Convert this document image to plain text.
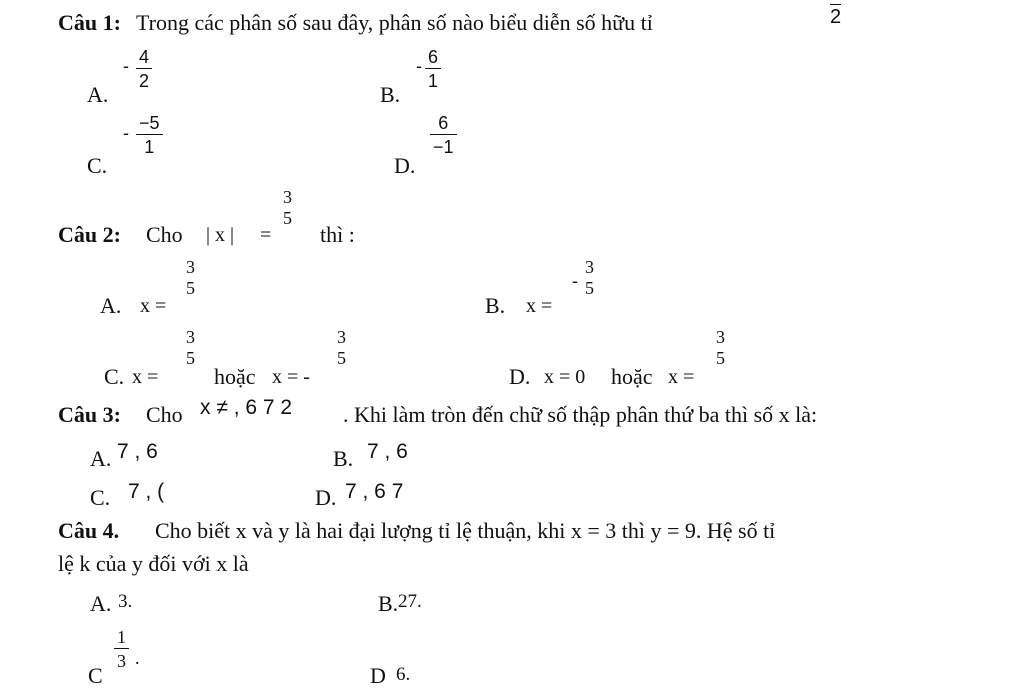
Câu 1: Trong các phân số sau đây, phân số nào biểu diễn số hữu tỉ	2
A.
- 4
2
B.
- 6
1
C.
- −5
1
D.
6
−1
Câu 2: Cho | x | =
3
5
thì :
A. x =
3
5
B. x =
-
3
5
C. x =
3
5
hoặc x = -
3
5
D. x = 0 hoặc x =
3
5
Câu 3: Cho x ≠ , 6 7 2 . Khi làm tròn đến chữ số thập phân thứ ba thì số x là:
A. 7 , 6	B. 7 , 6
C. 7 , (	D. 7 , 6 7
Câu 4. Cho biết x và y là hai đại lượng tỉ lệ thuận, khi x = 3 thì y = 9. Hệ số tỉ
lệ k của y đối với x là
A. 3.	B. 27.
C
1
3 .
D 6.
